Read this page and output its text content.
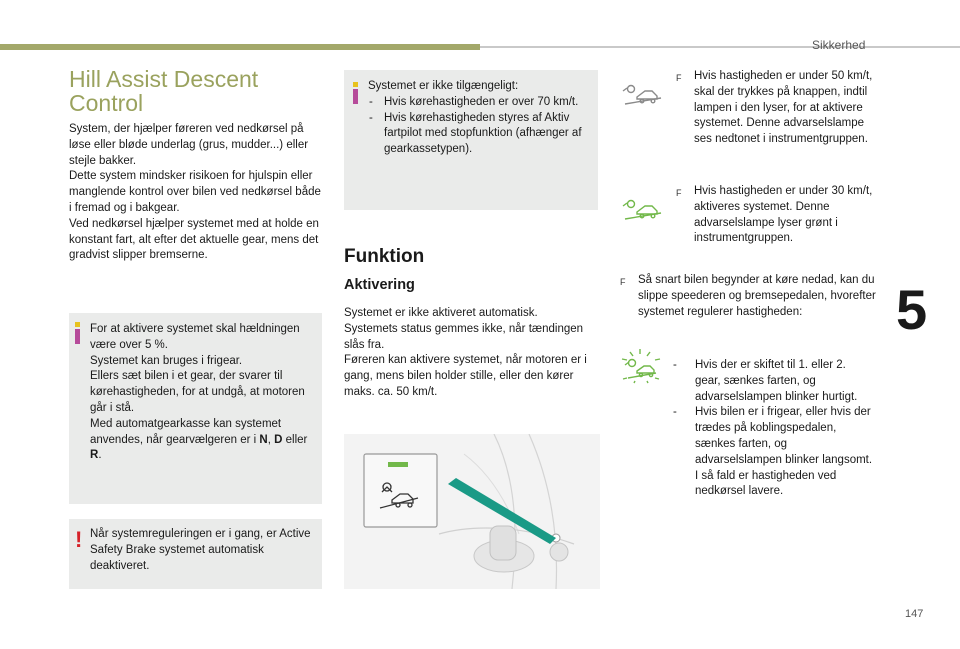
Sikkerhed
5
147
Hill Assist Descent
Control

System, der hjælper føreren ved nedkørsel på løse eller bløde underlag (grus, mudder...) eller stejle bakker.

Dette system mindsker risikoen for hjulspin eller manglende kontrol over bilen ved nedkørsel både i fremad og i bakgear.

Ved nedkørsel hjælper systemet med at holde en konstant fart, alt efter det aktuelle gear, mens det gradvist slipper bremserne.

For at aktivere systemet skal hældningen være over 5 %.

Systemet kan bruges i frigear.

Ellers sæt bilen i et gear, der svarer til kørehastigheden, for at undgå, at motoren går i stå.

Med automatgearkasse kan systemet anvendes, når gearvælgeren er i N, D eller R.

! Når systemreguleringen er i gang, er Active Safety Brake systemet automatisk deaktiveret.

Systemet er ikke tilgængeligt:

- Hvis kørehastigheden er over 70 km/t.
- Hvis kørehastigheden styres af Aktiv fartpilot med stopfunktion (afhænger af gearkassetypen).
Funktion
Aktivering

Systemet er ikke aktiveret automatisk.

Systemets status gemmes ikke, når tændingen slås fra.

Føreren kan aktivere systemet, når motoren er i gang, mens bilen holder stille, eller den kører maks. ca. 50 km/t.

F Hvis hastigheden er under 50 km/t, skal der trykkes på knappen, indtil lampen i den lyser, for at aktivere systemet. Denne advarselslampe ses nedtonet i instrumentgruppen.
F Hvis hastigheden er under 30 km/t, aktiveres systemet. Denne advarselslampe lyser grønt i instrumentgruppen.
F Så snart bilen begynder at køre nedad, kan du slippe speederen og bremsepedalen, hvorefter systemet regulerer hastigheden:
- Hvis der er skiftet til 1. eller 2. gear, sænkes farten, og advarselslampen blinker hurtigt.
- Hvis bilen er i frigear, eller hvis der trædes på koblingspedalen, sænkes farten, og advarselslampen blinker langsomt. I så fald er hastigheden ved nedkørsel lavere.
